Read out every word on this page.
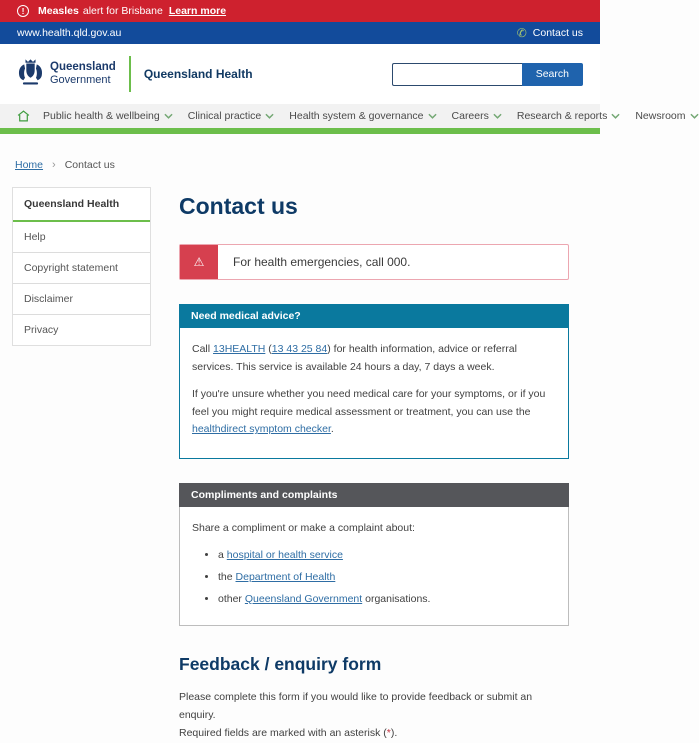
!	Measles alert for Brisbane Learn more
www.health.qld.gov.au	✆ Contact us
Queensland
Government	Queensland Health	Search
Public health & wellbeing	Clinical practice	Health system & governance	Careers	Research & reports	Newsroom
Home › Contact us
Queensland Health
Help
Copyright statement
Disclaimer
Privacy
Contact us
⚠	For health emergencies, call 000.
Need medical advice?

Call 13HEALTH (13 43 25 84) for health information, advice or referral services. This service is available 24 hours a day, 7 days a week.

If you're unsure whether you need medical care for your symptoms, or if you feel you might require medical assessment or treatment, you can use the healthdirect symptom checker.

Compliments and complaints

Share a compliment or make a complaint about:

• a hospital or health service
• the Department of Health
• other Queensland Government organisations.
Feedback / enquiry form

Please complete this form if you would like to provide feedback or submit an enquiry.
Required fields are marked with an asterisk (*).
